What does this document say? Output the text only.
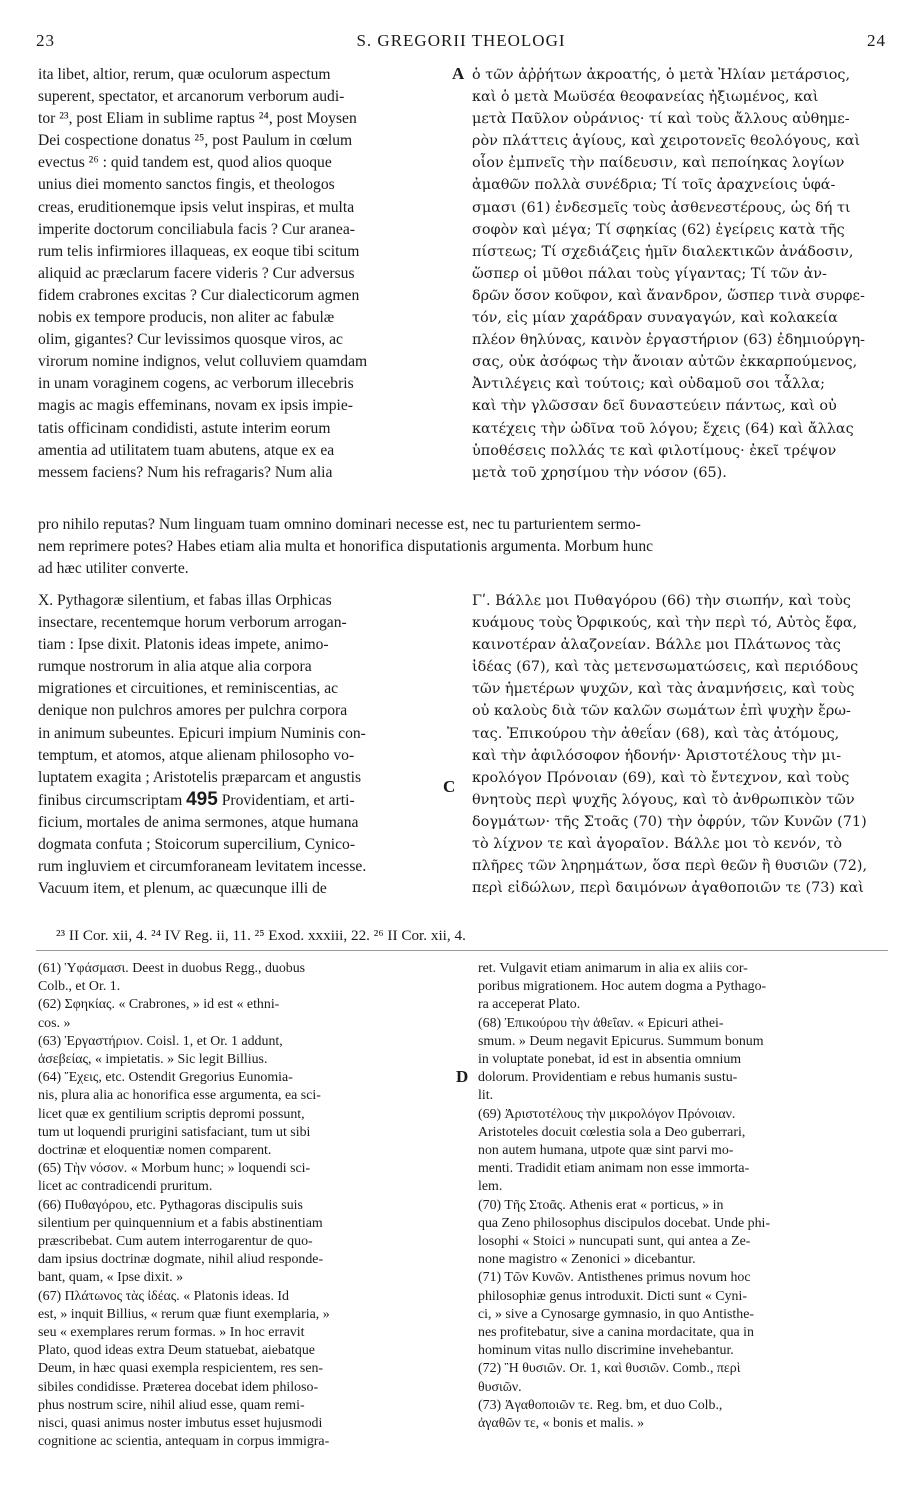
23	S. GREGORII THEOLOGI	24
A
C
D
ita libet, altior, rerum, quæ oculorum aspectum
superent, spectator, et arcanorum verborum audi-
tor ²³, post Eliam in sublime raptus ²⁴, post Moysen
Dei cospectione donatus ²⁵, post Paulum in cœlum
evectus ²⁶ : quid tandem est, quod alios quoque
unius diei momento sanctos fingis, et theologos
creas, eruditionemque ipsis velut inspiras, et multa
imperite doctorum conciliabula facis ? Cur aranea-
rum telis infirmiores illaqueas, ex eoque tibi scitum
aliquid ac præclarum facere videris ? Cur adversus
fidem crabrones excitas ? Cur dialecticorum agmen
nobis ex tempore producis, non aliter ac fabulæ
olim, gigantes? Cur levissimos quosque viros, ac
virorum nomine indignos, velut colluviem quamdam
in unam voraginem cogens, ac verborum illecebris
magis ac magis effeminans, novam ex ipsis impie-
tatis officinam condidisti, astute interim eorum
amentia ad utilitatem tuam abutens, atque ex ea
messem faciens? Num his refragaris? Num alia
ὁ τῶν ἀῤῥήτων ἀκροατής, ὁ μετὰ Ἠλίαν μετάρσιος,
καὶ ὁ μετὰ Μωϋσέα θεοφανείας ἠξιωμένος, καὶ
μετὰ Παῦλον οὐράνιος· τί καὶ τοὺς ἄλλους αὐθημε-
ρὸν πλάττεις ἁγίους, καὶ χειροτονεῖς θεολόγους, καὶ
οἷον ἐμπνεῖς τὴν παίδευσιν, καὶ πεποίηκας λογίων
ἀμαθῶν πολλὰ συνέδρια; Τί τοῖς ἀραχνείοις ὑφά-
σμασι (61) ἐνδεσμεῖς τοὺς ἀσθενεστέρους, ὡς δή τι
σοφὸν καὶ μέγα; Τί σφηκίας (62) ἐγείρεις κατὰ τῆς
πίστεως; Τί σχεδιάζεις ἡμῖν διαλεκτικῶν ἀνάδοσιν,
ὥσπερ οἱ μῦθοι πάλαι τοὺς γίγαντας; Τί τῶν ἀν-
δρῶν ὅσον κοῦφον, καὶ ἄνανδρον, ὥσπερ τινὰ συρφε-
τόν, εἰς μίαν χαράδραν συναγαγών, καὶ κολακεία
πλέον θηλύνας, καινὸν ἐργαστήριον (63) ἐδημιούργη-
σας, οὐκ ἀσόφως τὴν ἄνοιαν αὐτῶν ἐκκαρπούμενος,
Ἀντιλέγεις καὶ τούτοις; καὶ οὐδαμοῦ σοι τἆλλα;
καὶ τὴν γλῶσσαν δεῖ δυναστεύειν πάντως, καὶ οὐ
κατέχεις τὴν ὠδῖνα τοῦ λόγου; ἔχεις (64) καὶ ἄλλας
ὑποθέσεις πολλάς τε καὶ φιλοτίμους· ἐκεῖ τρέψον
μετὰ τοῦ χρησίμου τὴν νόσον (65).
pro nihilo reputas? Num linguam tuam omnino dominari necesse est, nec tu parturientem sermo-
nem reprimere potes? Habes etiam alia multa et honorifica disputationis argumenta. Morbum hunc
ad hæc utiliter converte.
X. Pythagoræ silentium, et fabas illas Orphicas
insectare, recentemque horum verborum arrogan-
tiam : Ipse dixit. Platonis ideas impete, animo-
rumque nostrorum in alia atque alia corpora
migrationes et circuitiones, et reminiscentias, ac
denique non pulchros amores per pulchra corpora
in animum subeuntes. Epicuri impium Numinis con-
temptum, et atomos, atque alienam philosopho vo-
luptatem exagita ; Aristotelis præparcam et angustis
finibus circumscriptam 495 Providentiam, et arti-
ficium, mortales de anima sermones, atque humana
dogmata confuta ; Stoicorum supercilium, Cynico-
rum ingluviem et circumforaneam levitatem incesse.
Vacuum item, et plenum, ac quæcunque illi de
Γʹ. Βάλλε μοι Πυθαγόρου (66) τὴν σιωπήν, καὶ τοὺς
κυάμους τοὺς Ὀρφικούς, καὶ τὴν περὶ τό, Αὐτὸς ἔφα,
καινοτέραν ἀλαζονείαν. Βάλλε μοι Πλάτωνος τὰς
ἰδέας (67), καὶ τὰς μετενσωματώσεις, καὶ περιόδους
τῶν ἡμετέρων ψυχῶν, καὶ τὰς ἀναμνήσεις, καὶ τοὺς
οὐ καλοὺς διὰ τῶν καλῶν σωμάτων ἐπὶ ψυχὴν ἔρω-
τας. Ἐπικούρου τὴν ἀθεΐαν (68), καὶ τὰς ἀτόμους,
καὶ τὴν ἀφιλόσοφον ἡδονήν· Ἀριστοτέλους τὴν μι-
κρολόγον Πρόνοιαν (69), καὶ τὸ ἔντεχνον, καὶ τοὺς
θνητοὺς περὶ ψυχῆς λόγους, καὶ τὸ ἀνθρωπικὸν τῶν
δογμάτων· τῆς Στοᾶς (70) τὴν ὀφρύν, τῶν Κυνῶν (71)
τὸ λίχνον τε καὶ ἀγοραῖον. Βάλλε μοι τὸ κενόν, τὸ
πλῆρες τῶν ληρημάτων, ὅσα περὶ θεῶν ἢ θυσιῶν (72),
περὶ εἰδώλων, περὶ δαιμόνων ἀγαθοποιῶν τε (73) καὶ
²³ II Cor. xii, 4. ²⁴ IV Reg. ii, 11. ²⁵ Exod. xxxiii, 22. ²⁶ II Cor. xii, 4.
(61) Ὑφάσμασι. Deest in duobus Regg., duobus
Colb., et Or. 1.
(62) Σφηκίας. « Crabrones, » id est « ethni-
cos. »
(63) Ἐργαστήριον. Coisl. 1, et Or. 1 addunt,
ἀσεβείας, « impietatis. » Sic legit Billius.
(64) Ἔχεις, etc. Ostendit Gregorius Eunomia-
nis, plura alia ac honorifica esse argumenta, ea sci-
licet quæ ex gentilium scriptis depromi possunt,
tum ut loquendi prurigini satisfaciant, tum ut sibi
doctrinæ et eloquentiæ nomen comparent.
(65) Τὴν νόσον. « Morbum hunc; » loquendi sci-
licet ac contradicendi pruritum.
(66) Πυθαγόρου, etc. Pythagoras discipulis suis
silentium per quinquennium et a fabis abstinentiam
præscribebat. Cum autem interrogarentur de quo-
dam ipsius doctrinæ dogmate, nihil aliud responde-
bant, quam, « Ipse dixit. »
(67) Πλάτωνος τὰς ἰδέας. « Platonis ideas. Id
est, » inquit Billius, « rerum quæ fiunt exemplaria, »
seu « exemplares rerum formas. » In hoc erravit
Plato, quod ideas extra Deum statuebat, aiebatque
Deum, in hæc quasi exempla respicientem, res sen-
sibiles condidisse. Præterea docebat idem philoso-
phus nostrum scire, nihil aliud esse, quam remi-
nisci, quasi animus noster imbutus esset hujusmodi
cognitione ac scientia, antequam in corpus immigra-
ret. Vulgavit etiam animarum in alia ex aliis cor-
poribus migrationem. Hoc autem dogma a Pythago-
ra acceperat Plato.
(68) Ἐπικούρου τὴν ἀθεΐαν. « Epicuri athei-
smum. » Deum negavit Epicurus. Summum bonum
in voluptate ponebat, id est in absentia omnium
dolorum. Providentiam e rebus humanis sustu-
lit.
(69) Ἀριστοτέλους τὴν μικρολόγον Πρόνοιαν.
Aristoteles docuit cœlestia sola a Deo guberrari,
non autem humana, utpote quæ sint parvi mo-
menti. Tradidit etiam animam non esse immorta-
lem.
(70) Τῆς Στοᾶς. Athenis erat « porticus, » in
qua Zeno philosophus discipulos docebat. Unde phi-
losophi « Stoici » nuncupati sunt, qui antea a Ze-
none magistro « Zenonici » dicebantur.
(71) Τῶν Κυνῶν. Antisthenes primus novum hoc
philosophiæ genus introduxit. Dicti sunt « Cyni-
ci, » sive a Cynosarge gymnasio, in quo Antisthe-
nes profitebatur, sive a canina mordacitate, qua in
hominum vitas nullo discrimine invehebantur.
(72) Ἢ θυσιῶν. Or. 1, καὶ θυσιῶν. Comb., περὶ
θυσιῶν.
(73) Ἀγαθοποιῶν τε. Reg. bm, et duo Colb.,
ἀγαθῶν τε, « bonis et malis. »
